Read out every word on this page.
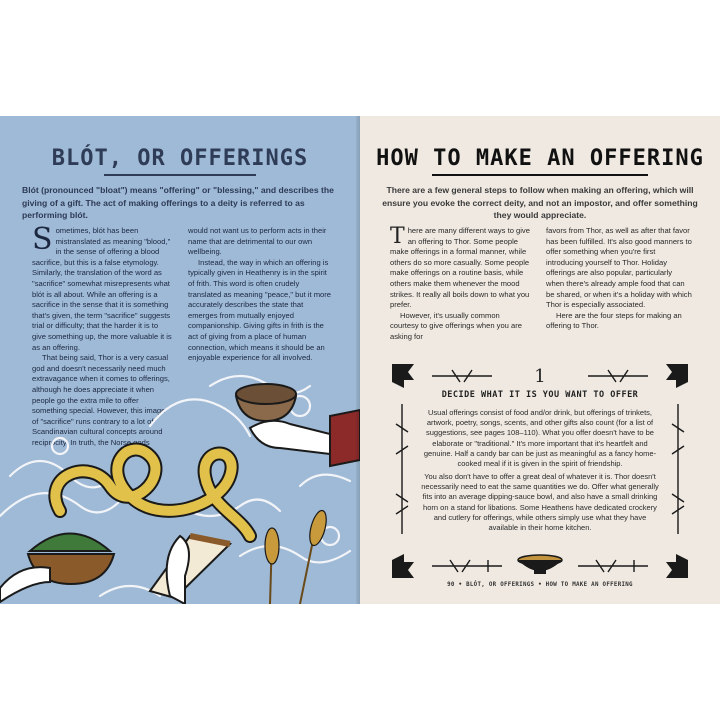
BLÓT, OR OFFERINGS
Blót (pronounced "bloat") means "offering" or "blessing," and describes the giving of a gift. The act of making offerings to a deity is referred to as performing blót.

Sometimes, blót has been mistranslated as meaning "blood," in the sense of offering a blood sacrifice, but this is a false etymology. Similarly, the translation of the word as "sacrifice" somewhat misrepresents what blót is all about. While an offering is a sacrifice in the sense that it is something that's given, the term "sacrifice" suggests trial or difficulty; that the harder it is to give something up, the more valuable it is as an offering.

That being said, Thor is a very casual god and doesn't necessarily need much extravagance when it comes to offerings, although he does appreciate it when people go the extra mile to offer something special. However, this image of "sacrifice" runs contrary to a lot of Scandinavian cultural concepts around reciprocity. In truth, the Norse gods

would not want us to perform acts in their name that are detrimental to our own wellbeing.

Instead, the way in which an offering is typically given in Heathenry is in the spirit of frith. This word is often crudely translated as meaning "peace," but it more accurately describes the state that emerges from mutually enjoyed companionship. Giving gifts in frith is the act of giving from a place of human connection, which means it should be an enjoyable experience for all involved.

HOW TO MAKE AN OFFERING
There are a few general steps to follow when making an offering, which will ensure you evoke the correct deity, and not an impostor, and offer something they would appreciate.

There are many different ways to give an offering to Thor. Some people make offerings in a formal manner, while others do so more casually. Some people make offerings on a routine basis, while others make them whenever the mood strikes. It really all boils down to what you prefer.

However, it's usually common courtesy to give offerings when you are asking for

favors from Thor, as well as after that favor has been fulfilled. It's also good manners to offer something when you're first introducing yourself to Thor. Holiday offerings are also popular, particularly when there's already ample food that can be shared, or when it's a holiday with which Thor is especially associated.

Here are the four steps for making an offering to Thor.

1
DECIDE WHAT IT IS YOU WANT TO OFFER
Usual offerings consist of food and/or drink, but offerings of trinkets, artwork, poetry, songs, scents, and other gifts also count (for a list of suggestions, see pages 108–110). What you offer doesn't have to be elaborate or "traditional." It's more important that it's heartfelt and genuine. Half a candy bar can be just as meaningful as a fancy home-cooked meal if it is given in the spirit of friendship.
You also don't have to offer a great deal of whatever it is. Thor doesn't necessarily need to eat the same quantities we do. Offer what generally fits into an average dipping-sauce bowl, and also have a small drinking horn on a stand for libations. Some Heathens have dedicated crockery and cutlery for offerings, while others simply use what they have available in their home kitchen.
90 • BLÓT, OR OFFERINGS • HOW TO MAKE AN OFFERING
